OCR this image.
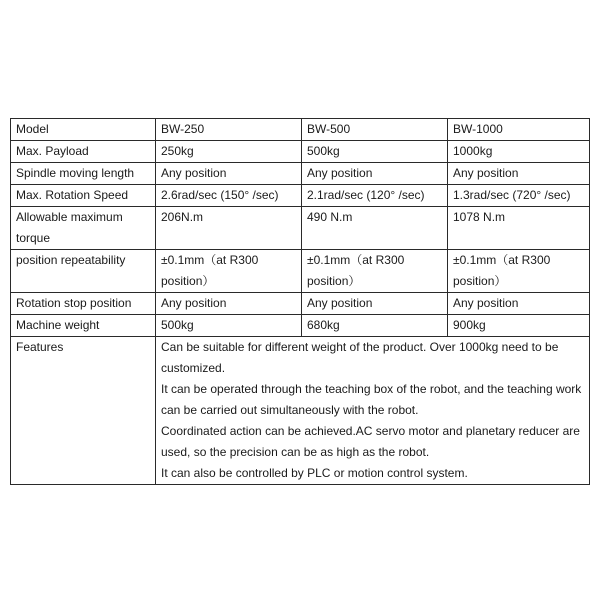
Model	BW-250	BW-500	BW-1000
Max. Payload	250kg	500kg	1000kg
Spindle moving length	Any position	Any position	Any position
Max. Rotation Speed	2.6rad/sec (150° /sec)	2.1rad/sec (120° /sec)	1.3rad/sec (720° /sec)
Allowable maximum torque	206N.m	490 N.m	1078 N.m
position repeatability	±0.1mm（at R300 position）	±0.1mm（at R300 position）	±0.1mm（at R300 position）
Rotation stop position	Any position	Any position	Any position
Machine weight	500kg	680kg	900kg
Features	Can be suitable for different weight of the product. Over 1000kg need to be customized.
It can be operated through the teaching box of the robot, and the teaching work can be carried out simultaneously with the robot.
Coordinated action can be achieved.AC servo motor and planetary reducer are used, so the precision can be as high as the robot.
It can also be controlled by PLC or motion control system.		
